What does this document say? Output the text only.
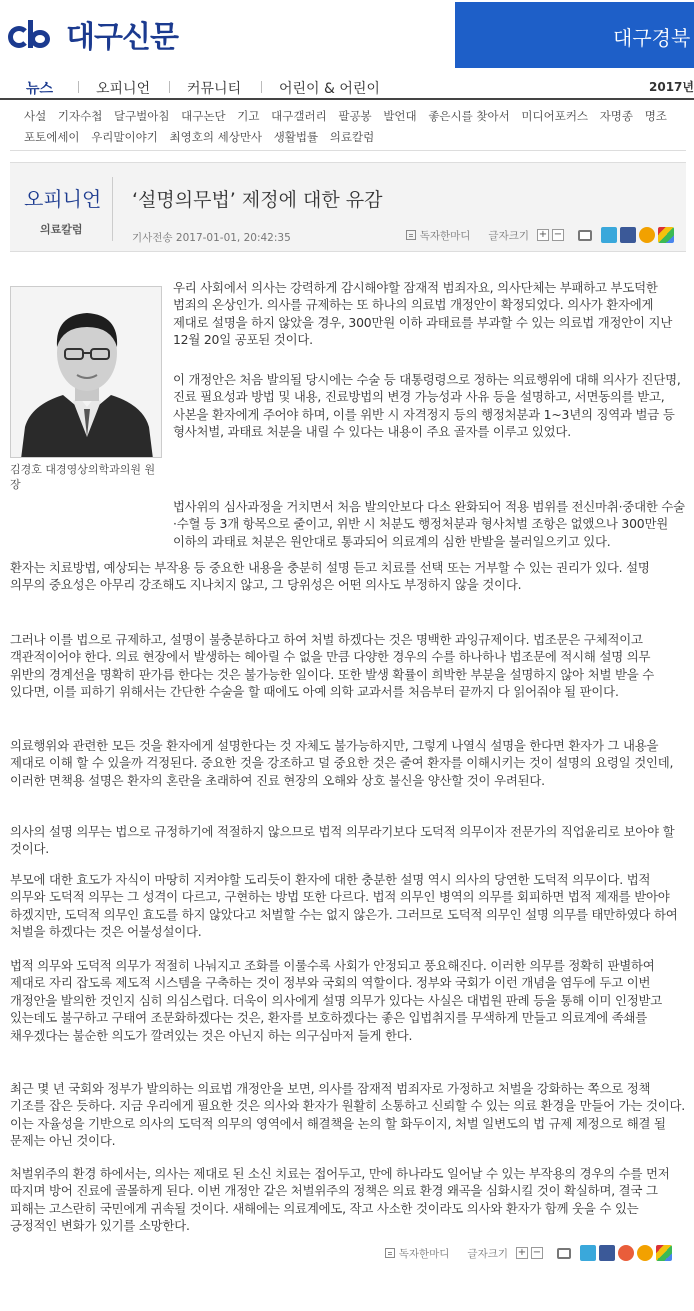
대구신문	대구경북
뉴스	오피니언	커뮤니티	어린이 & 어린이	2017년
사설 기자수첩 달구벌아침 대구논단 기고 대구갤러리 팔공봉 발언대 좋은시를 찾아서 미디어포커스 자명종 명조
포토에세이 우리말이야기 최영호의 세상만사 생활법률 의료칼럼
오피니언
의료칼럼
‘설명의무법’ 제정에 대한 유감
기사전송 2017-01-01, 20:42:35	독자한마디 글자크기 + −
김경호 대경영상의학과의원 원장

우리 사회에서 의사는 강력하게 감시해야할 잠재적 범죄자요, 의사단체는 부패하고 부도덕한 범죄의 온상인가. 의사를 규제하는 또 하나의 의료법 개정안이 확정되었다. 의사가 환자에게 제대로 설명을 하지 않았을 경우, 300만원 이하 과태료를 부과할 수 있는 의료법 개정안이 지난 12월 20일 공포된 것이다.

이 개정안은 처음 발의될 당시에는 수술 등 대통령령으로 정하는 의료행위에 대해 의사가 진단명, 진료 필요성과 방법 및 내용, 진료방법의 변경 가능성과 사유 등을 설명하고, 서면동의를 받고, 사본을 환자에게 주어야 하며, 이를 위반 시 자격정지 등의 행정처분과 1~3년의 징역과 벌금 등 형사처벌, 과태료 처분을 내릴 수 있다는 내용이 주요 골자를 이루고 있었다.

법사위의 심사과정을 거치면서 처음 발의안보다 다소 완화되어 적용 범위를 전신마취·중대한 수술·수혈 등 3개 항목으로 줄이고, 위반 시 처분도 행정처분과 형사처벌 조항은 없앴으나 300만원 이하의 과태료 처분은 원안대로 통과되어 의료계의 심한 반발을 불러일으키고 있다.

환자는 치료방법, 예상되는 부작용 등 중요한 내용을 충분히 설명 듣고 치료를 선택 또는 거부할 수 있는 권리가 있다. 설명 의무의 중요성은 아무리 강조해도 지나치지 않고, 그 당위성은 어떤 의사도 부정하지 않을 것이다.

그러나 이를 법으로 규제하고, 설명이 불충분하다고 하여 처벌 하겠다는 것은 명백한 과잉규제이다. 법조문은 구체적이고 객관적이어야 한다. 의료 현장에서 발생하는 헤아릴 수 없을 만큼 다양한 경우의 수를 하나하나 법조문에 적시해 설명 의무 위반의 경계선을 명확히 판가름 한다는 것은 불가능한 일이다. 또한 발생 확률이 희박한 부분을 설명하지 않아 처벌 받을 수 있다면, 이를 피하기 위해서는 간단한 수술을 할 때에도 아예 의학 교과서를 처음부터 끝까지 다 읽어줘야 될 판이다.

의료행위와 관련한 모든 것을 환자에게 설명한다는 것 자체도 불가능하지만, 그렇게 나열식 설명을 한다면 환자가 그 내용을 제대로 이해 할 수 있을까 걱정된다. 중요한 것을 강조하고 덜 중요한 것은 줄여 환자를 이해시키는 것이 설명의 요령일 것인데, 이러한 면책용 설명은 환자의 혼란을 초래하여 진료 현장의 오해와 상호 불신을 양산할 것이 우려된다.

의사의 설명 의무는 법으로 규정하기에 적절하지 않으므로 법적 의무라기보다 도덕적 의무이자 전문가의 직업윤리로 보아야 할 것이다.

부모에 대한 효도가 자식이 마땅히 지켜야할 도리듯이 환자에 대한 충분한 설명 역시 의사의 당연한 도덕적 의무이다. 법적 의무와 도덕적 의무는 그 성격이 다르고, 구현하는 방법 또한 다르다. 법적 의무인 병역의 의무를 회피하면 법적 제재를 받아야 하겠지만, 도덕적 의무인 효도를 하지 않았다고 처벌할 수는 없지 않은가. 그러므로 도덕적 의무인 설명 의무를 태만하였다 하여 처벌을 하겠다는 것은 어불성설이다.

법적 의무와 도덕적 의무가 적절히 나눠지고 조화를 이룰수록 사회가 안정되고 풍요해진다. 이러한 의무를 정확히 판별하여 제대로 자리 잡도록 제도적 시스템을 구축하는 것이 정부와 국회의 역할이다. 정부와 국회가 이런 개념을 염두에 두고 이번 개정안을 발의한 것인지 심히 의심스럽다. 더욱이 의사에게 설명 의무가 있다는 사실은 대법원 판례 등을 통해 이미 인정받고 있는데도 불구하고 구태여 조문화하겠다는 것은, 환자를 보호하겠다는 좋은 입법취지를 무색하게 만들고 의료계에 족쇄를 채우겠다는 불순한 의도가 깔려있는 것은 아닌지 하는 의구심마저 들게 한다.

최근 몇 년 국회와 정부가 발의하는 의료법 개정안을 보면, 의사를 잠재적 범죄자로 가정하고 처벌을 강화하는 쪽으로 정책 기조를 잡은 듯하다. 지금 우리에게 필요한 것은 의사와 환자가 원활히 소통하고 신뢰할 수 있는 의료 환경을 만들어 가는 것이다. 이는 자율성을 기반으로 의사의 도덕적 의무의 영역에서 해결책을 논의 할 화두이지, 처벌 일변도의 법 규제 제정으로 해결 될 문제는 아닌 것이다.

처벌위주의 환경 하에서는, 의사는 제대로 된 소신 치료는 접어두고, 만에 하나라도 일어날 수 있는 부작용의 경우의 수를 먼저 따지며 방어 진료에 골몰하게 된다. 이번 개정안 같은 처벌위주의 정책은 의료 환경 왜곡을 심화시킬 것이 확실하며, 결국 그 피해는 고스란히 국민에게 귀속될 것이다. 새해에는 의료계에도, 작고 사소한 것이라도 의사와 환자가 함께 웃을 수 있는 긍정적인 변화가 있기를 소망한다.

독자한마디 글자크기 + −
